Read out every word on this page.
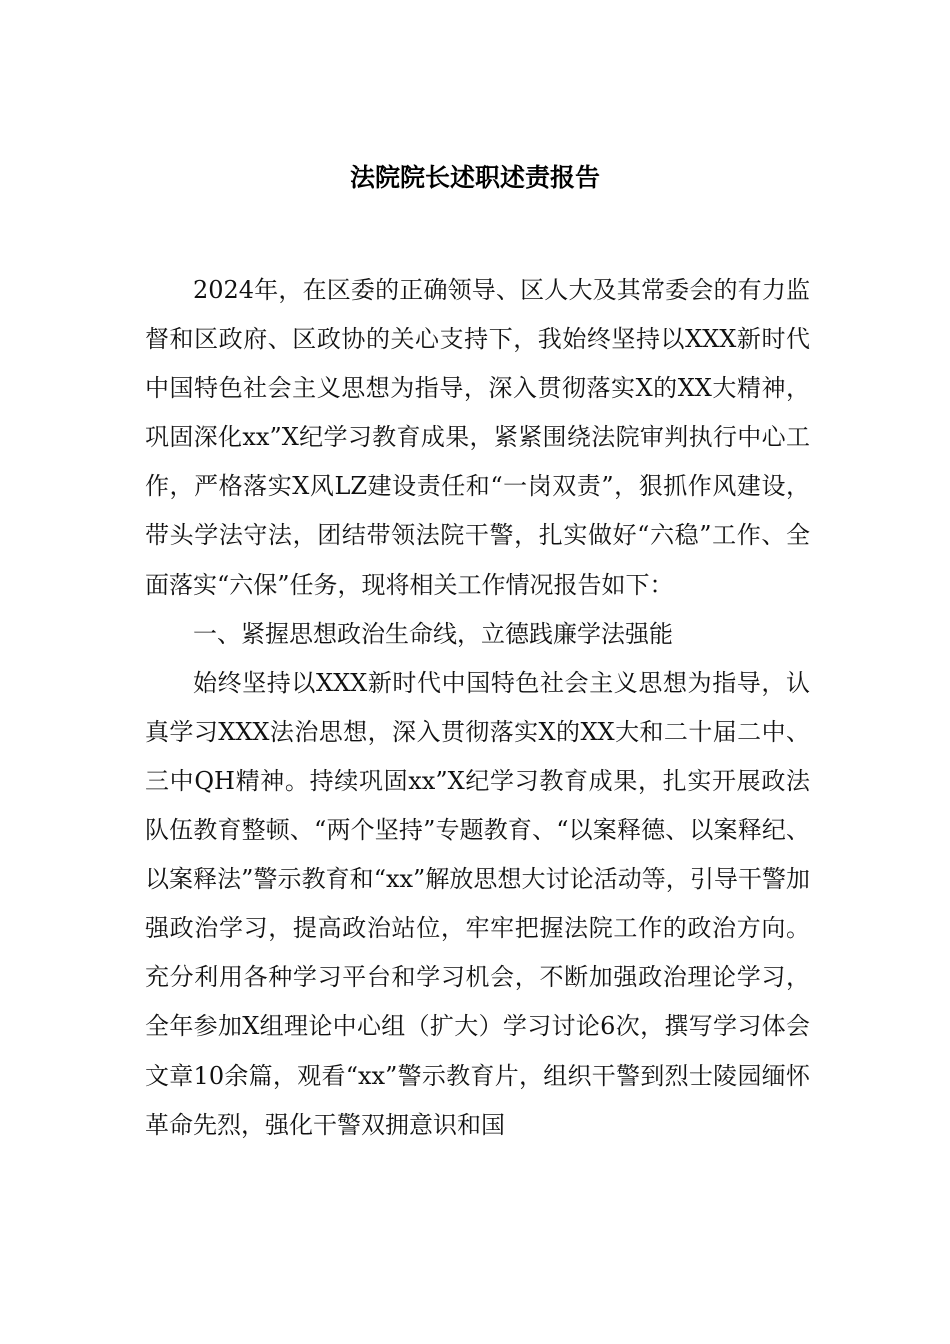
法院院长述职述责报告

2024年，在区委的正确领导、区人大及其常委会的有力监督和区政府、区政协的关心支持下，我始终坚持以XXX新时代中国特色社会主义思想为指导，深入贯彻落实X的XX大精神，巩固深化xx”X纪学习教育成果，紧紧围绕法院审判执行中心工作，严格落实X风LZ建设责任和“一岗双责”，狠抓作风建设，带头学法守法，团结带领法院干警，扎实做好“六稳”工作、全面落实“六保”任务，现将相关工作情况报告如下：

一、紧握思想政治生命线，立德践廉学法强能

始终坚持以XXX新时代中国特色社会主义思想为指导，认真学习XXX法治思想，深入贯彻落实X的XX大和二十届二中、三中QH精神。持续巩固xx”X纪学习教育成果，扎实开展政法队伍教育整顿、“两个坚持”专题教育、“以案释德、以案释纪、以案释法”警示教育和“xx”解放思想大讨论活动等，引导干警加强政治学习，提高政治站位，牢牢把握法院工作的政治方向。充分利用各种学习平台和学习机会，不断加强政治理论学习，全年参加X组理论中心组（扩大）学习讨论6次，撰写学习体会文章10余篇，观看“xx”警示教育片，组织干警到烈士陵园缅怀革命先烈，强化干警双拥意识和国
